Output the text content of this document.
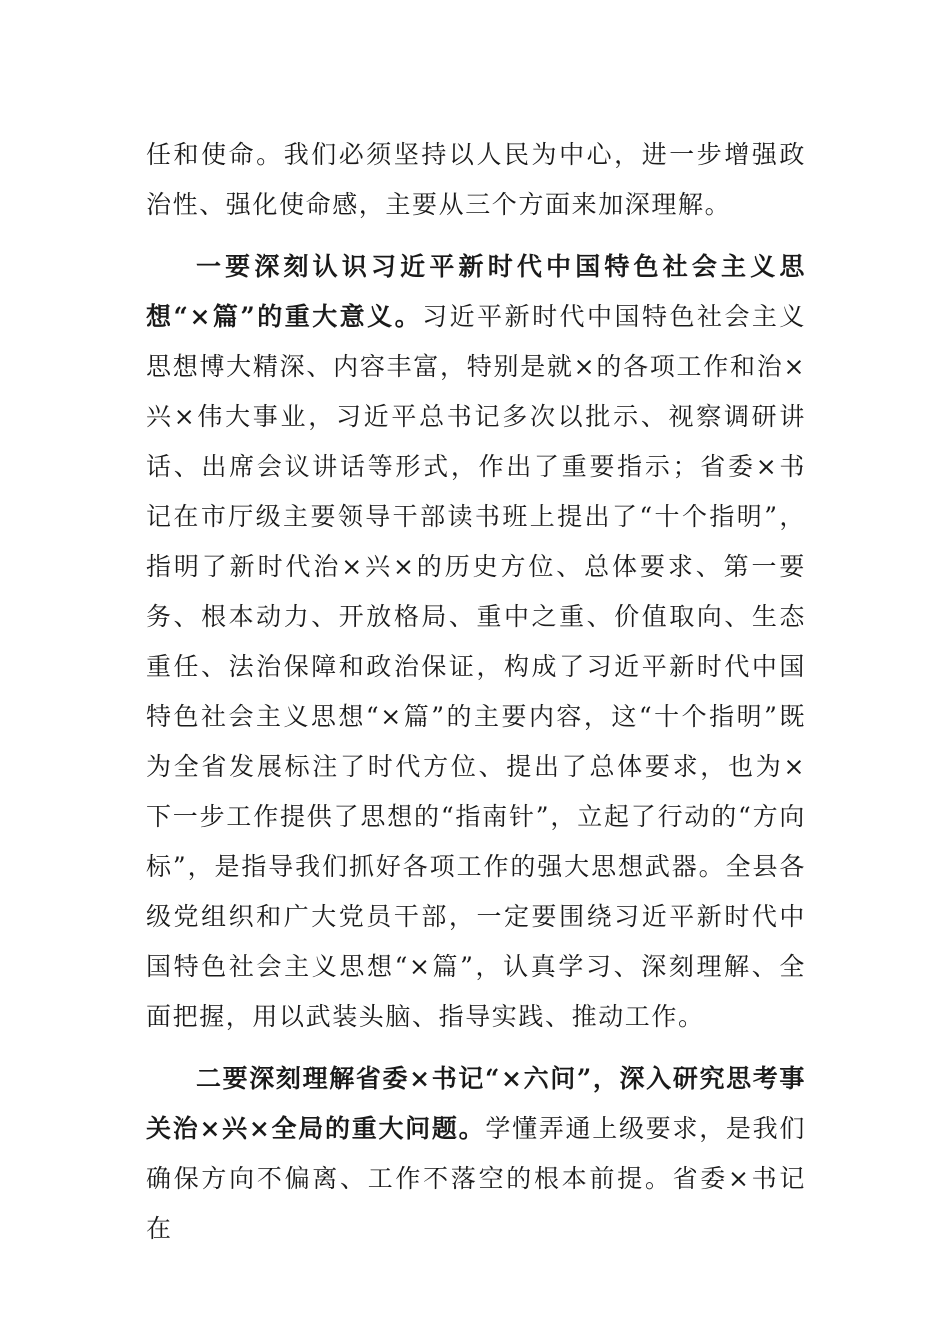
任和使命。我们必须坚持以人民为中心，进一步增强政治性、强化使命感，主要从三个方面来加深理解。

一要深刻认识习近平新时代中国特色社会主义思想“×篇”的重大意义。习近平新时代中国特色社会主义思想博大精深、内容丰富，特别是就×的各项工作和治×兴×伟大事业，习近平总书记多次以批示、视察调研讲话、出席会议讲话等形式，作出了重要指示；省委×书记在市厅级主要领导干部读书班上提出了“十个指明”，指明了新时代治×兴×的历史方位、总体要求、第一要务、根本动力、开放格局、重中之重、价值取向、生态重任、法治保障和政治保证，构成了习近平新时代中国特色社会主义思想“×篇”的主要内容，这“十个指明”既为全省发展标注了时代方位、提出了总体要求，也为×下一步工作提供了思想的“指南针”，立起了行动的“方向标”，是指导我们抓好各项工作的强大思想武器。全县各级党组织和广大党员干部，一定要围绕习近平新时代中国特色社会主义思想“×篇”，认真学习、深刻理解、全面把握，用以武装头脑、指导实践、推动工作。

二要深刻理解省委×书记“×六问”，深入研究思考事关治×兴×全局的重大问题。学懂弄通上级要求，是我们确保方向不偏离、工作不落空的根本前提。省委×书记在
